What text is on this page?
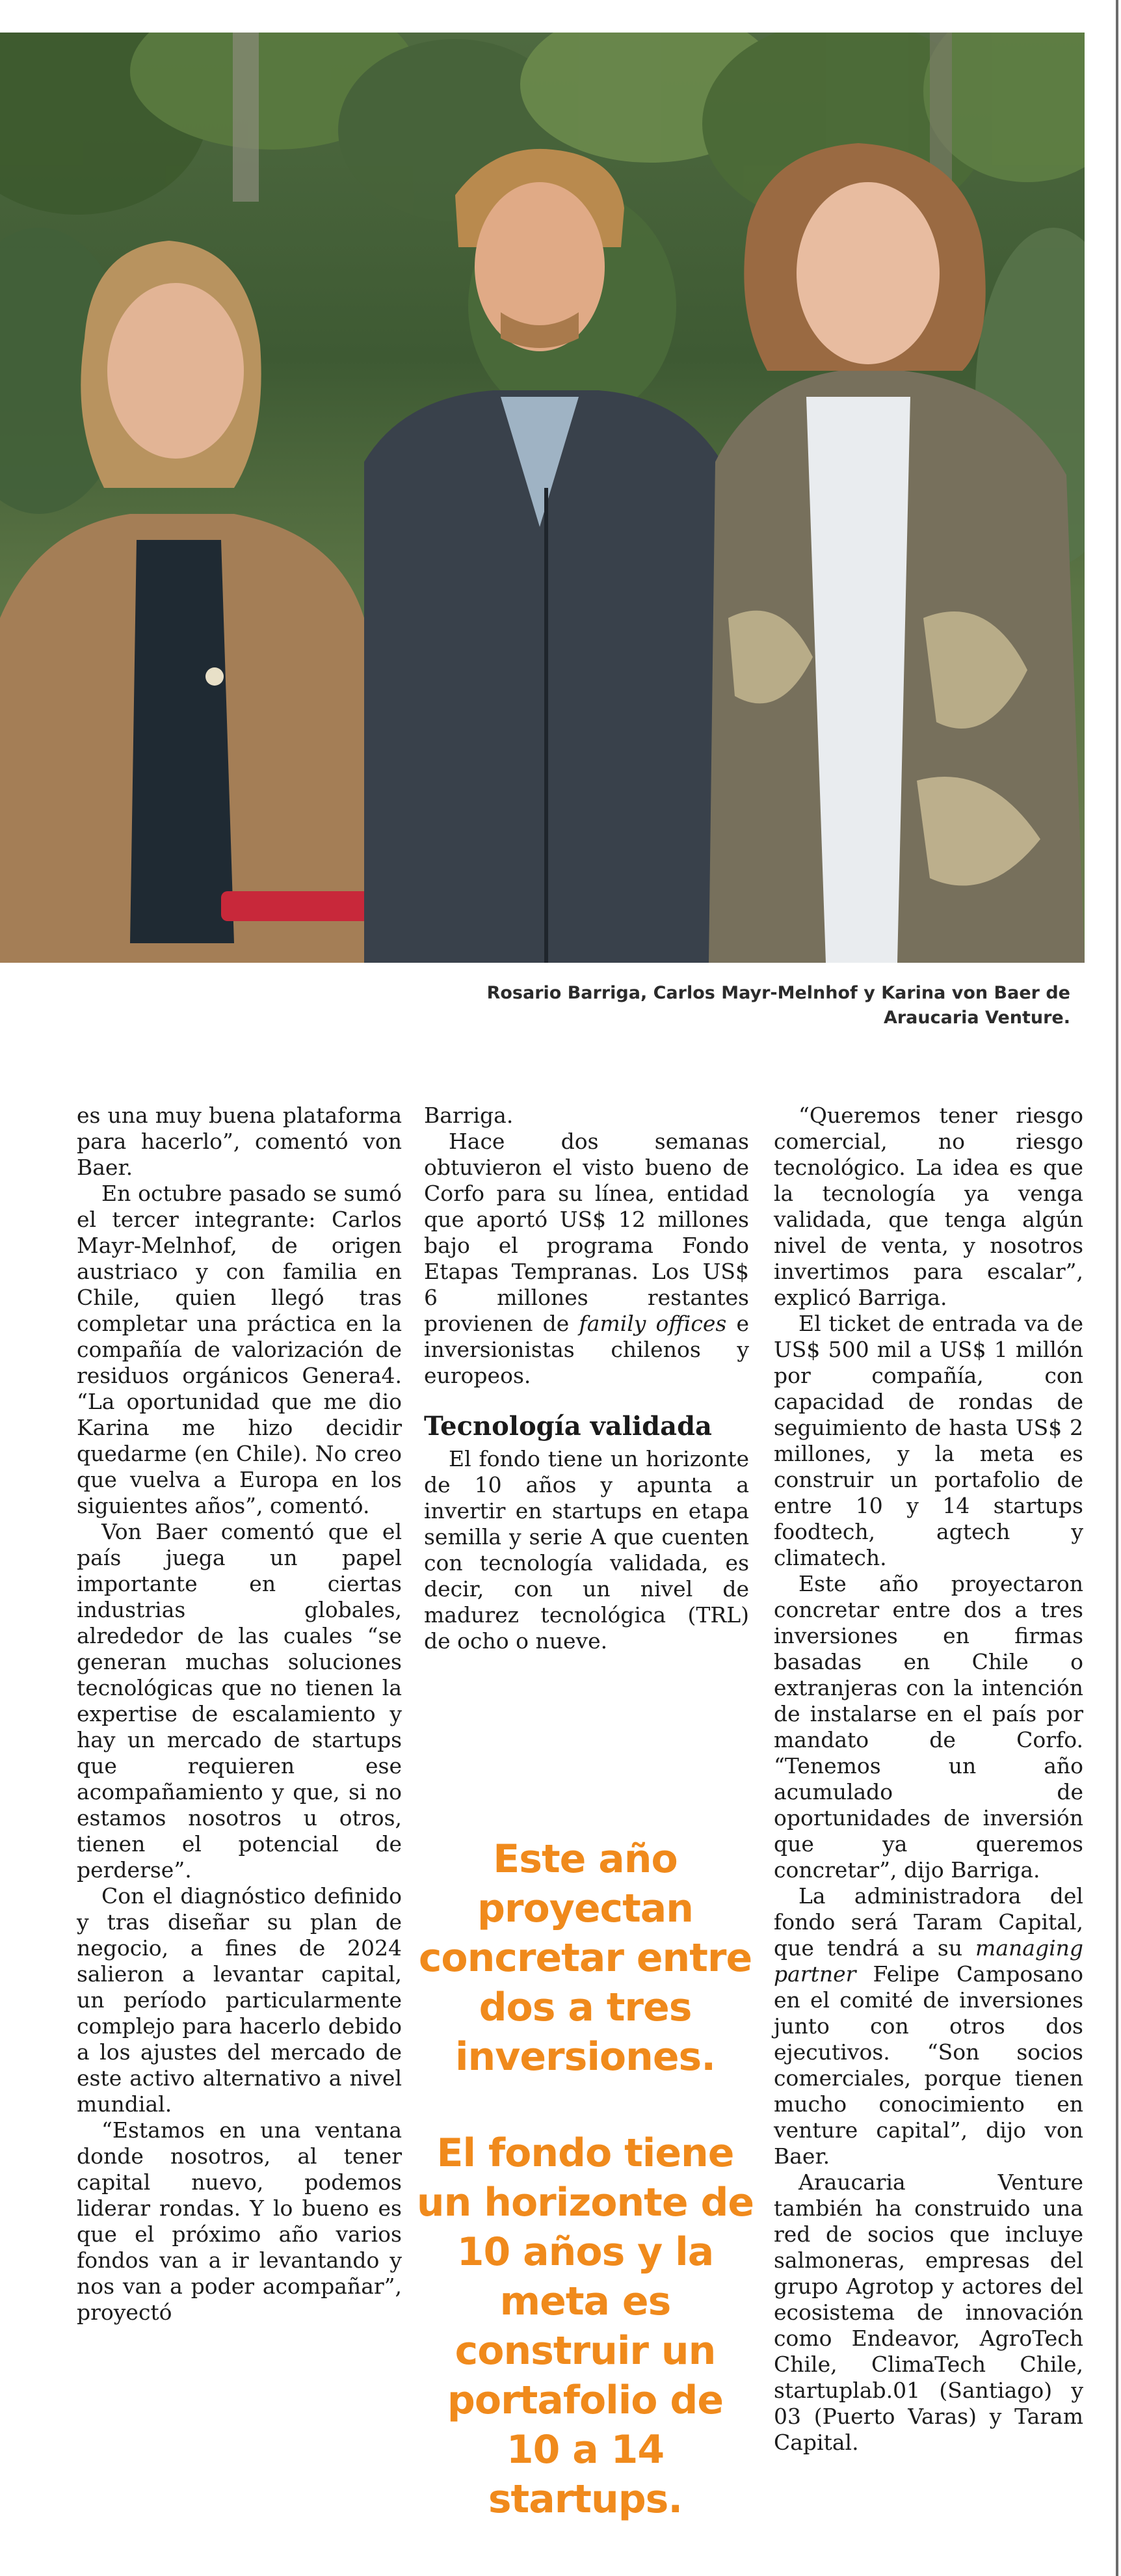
Rosario Barriga, Carlos Mayr-Melnhof y Karina von Baer de
Araucaria Venture.

es una muy buena plataforma para hacerlo”, comentó von Baer.

En octubre pasado se sumó el tercer integrante: Carlos Mayr-Melnhof, de origen austriaco y con familia en Chile, quien llegó tras completar una práctica en la compañía de valorización de residuos orgánicos Genera4. “La oportunidad que me dio Karina me hizo decidir quedarme (en Chile). No creo que vuelva a Europa en los siguientes años”, comentó.

Von Baer comentó que el país juega un papel importante en ciertas industrias globales, alrededor de las cuales “se generan muchas soluciones tecnológicas que no tienen la expertise de escalamiento y hay un mercado de startups que requieren ese acompañamiento y que, si no estamos nosotros u otros, tienen el potencial de perderse”.

Con el diagnóstico definido y tras diseñar su plan de negocio, a fines de 2024 salieron a levantar capital, un período particularmente complejo para hacerlo debido a los ajustes del mercado de este activo alternativo a nivel mundial.

“Estamos en una ventana donde nosotros, al tener capital nuevo, podemos liderar rondas. Y lo bueno es que el próximo año varios fondos van a ir levantando y nos van a poder acompañar”, proyectó

Barriga.

Hace dos semanas obtuvieron el visto bueno de Corfo para su línea, entidad que aportó US$ 12 millones bajo el programa Fondo Etapas Tempranas. Los US$ 6 millones restantes provienen de family offices e inversionistas chilenos y europeos.

Tecnología validada

El fondo tiene un horizonte de 10 años y apunta a invertir en startups en etapa semilla y serie A que cuenten con tecnología validada, es decir, con un nivel de madurez tecnológica (TRL) de ocho o nueve.

Este año proyectan concretar entre dos a tres inversiones.
El fondo tiene un horizonte de 10 años y la meta es construir un portafolio de 10 a 14 startups.

“Queremos tener riesgo comercial, no riesgo tecnológico. La idea es que la tecnología ya venga validada, que tenga algún nivel de venta, y nosotros invertimos para escalar”, explicó Barriga.

El ticket de entrada va de US$ 500 mil a US$ 1 millón por compañía, con capacidad de rondas de seguimiento de hasta US$ 2 millones, y la meta es construir un portafolio de entre 10 y 14 startups foodtech, agtech y climatech.

Este año proyectaron concretar entre dos a tres inversiones en firmas basadas en Chile o extranjeras con la intención de instalarse en el país por mandato de Corfo. “Tenemos un año acumulado de oportunidades de inversión que ya queremos concretar”, dijo Barriga.

La administradora del fondo será Taram Capital, que tendrá a su managing partner Felipe Camposano en el comité de inversiones junto con otros dos ejecutivos. “Son socios comerciales, porque tienen mucho conocimiento en venture capital”, dijo von Baer.

Araucaria Venture también ha construido una red de socios que incluye salmoneras, empresas del grupo Agrotop y actores del ecosistema de innovación como Endeavor, AgroTech Chile, ClimaTech Chile, startuplab.01 (Santiago) y 03 (Puerto Varas) y Taram Capital.
